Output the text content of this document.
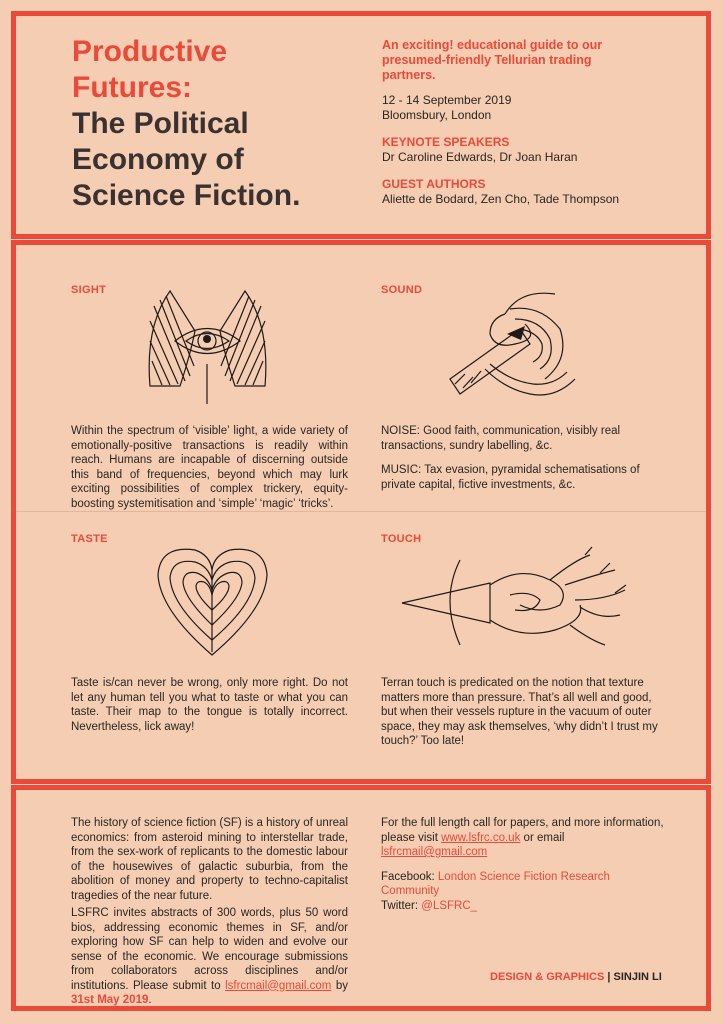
Productive
Futures:
The Political
Economy of
Science Fiction.
An exciting! educational guide to our
presumed-friendly Tellurian trading
partners.
12 - 14 September 2019
Bloomsbury, London
KEYNOTE SPEAKERS
Dr Caroline Edwards, Dr Joan Haran
GUEST AUTHORS
Aliette de Bodard, Zen Cho, Tade Thompson
SIGHT
Within the spectrum of ‘visible’ light, a wide variety of emotionally-positive transactions is readily within reach. Humans are incapable of discerning outside this band of frequencies, beyond which may lurk exciting possibilities of complex trickery, equity-boosting systemitisation and ‘simple’ ‘magic’ ‘tricks’.
SOUND
NOISE: Good faith, communication, visibly real transactions, sundry labelling, &c.
MUSIC: Tax evasion, pyramidal schematisations of private capital, fictive investments, &c.
TASTE
Taste is/can never be wrong, only more right. Do not let any human tell you what to taste or what you can taste. Their map to the tongue is totally incorrect. Nevertheless, lick away!
TOUCH
Terran touch is predicated on the notion that texture matters more than pressure. That’s all well and good, but when their vessels rupture in the vacuum of outer space, they may ask themselves, ‘why didn’t I trust my touch?’ Too late!
The history of science fiction (SF) is a history of unreal economics: from asteroid mining to interstellar trade, from the sex-work of replicants to the domestic labour of the housewives of galactic suburbia, from the abolition of money and property to techno-capitalist tragedies of the near future.
LSFRC invites abstracts of 300 words, plus 50 word bios, addressing economic themes in SF, and/or exploring how SF can help to widen and evolve our sense of the economic. We encourage submissions from collaborators across disciplines and/or institutions. Please submit to lsfrcmail@gmail.com by 31st May 2019.
For the full length call for papers, and more information,
please visit www.lsfrc.co.uk or email lsfrcmail@gmail.com
Facebook: London Science Fiction Research Community
Twitter: @LSFRC_
DESIGN & GRAPHICS | SINJIN LI
